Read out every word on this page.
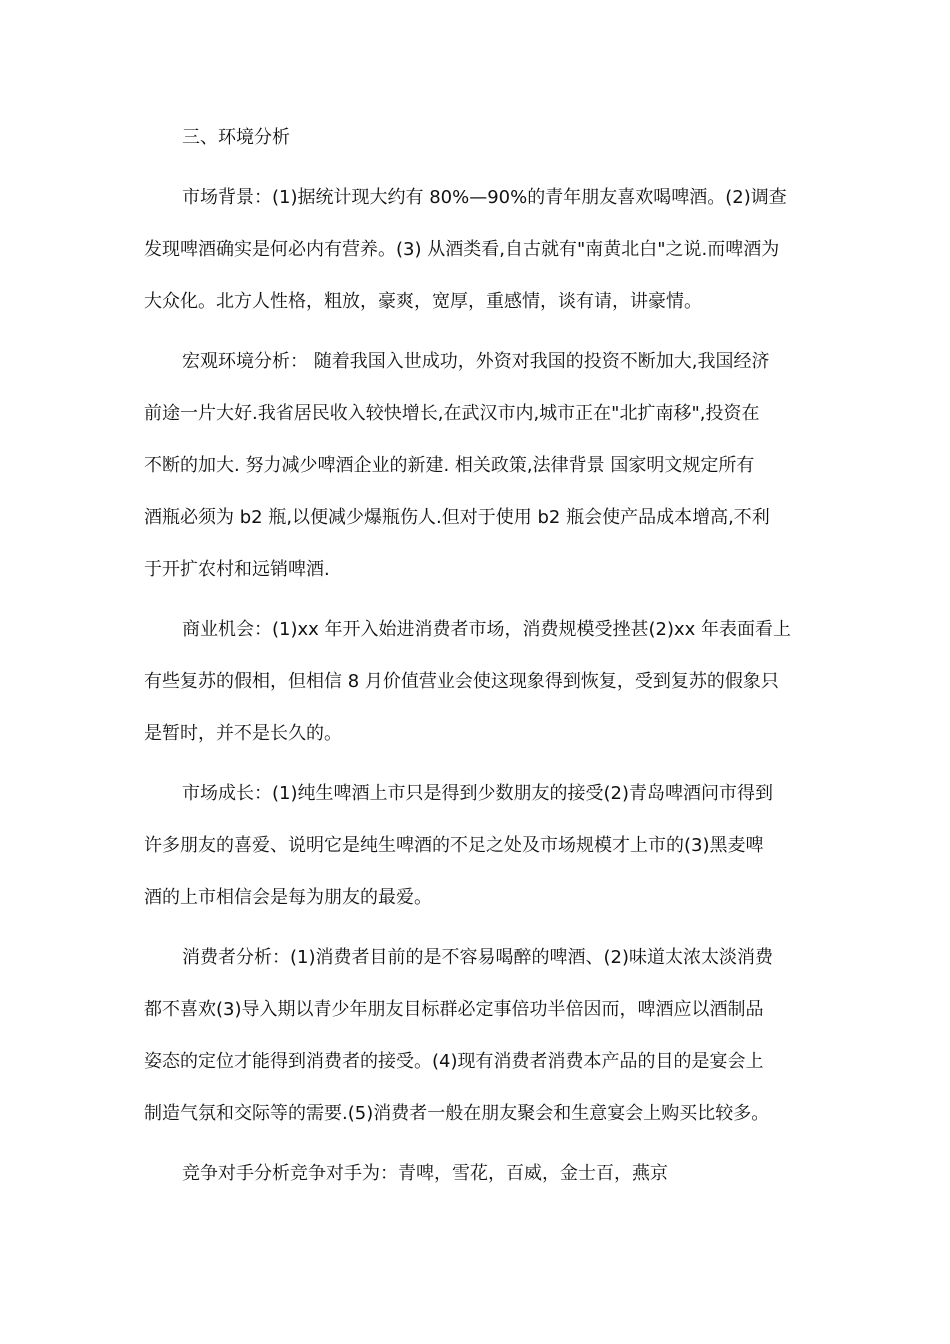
三、环境分析
市场背景：(1)据统计现大约有 80%—90%的青年朋友喜欢喝啤酒。(2)调查
发现啤酒确实是何必内有营养。(3) 从酒类看,自古就有"南黄北白"之说.而啤酒为
大众化。北方人性格，粗放，豪爽，宽厚，重感情，谈有请，讲豪情。
宏观环境分析： 随着我国入世成功，外资对我国的投资不断加大,我国经济
前途一片大好.我省居民收入较快增长,在武汉市内,城市正在"北扩南移",投资在
不断的加大. 努力减少啤酒企业的新建. 相关政策,法律背景 国家明文规定所有
酒瓶必须为 b2 瓶,以便减少爆瓶伤人.但对于使用 b2 瓶会使产品成本增高,不利
于开扩农村和远销啤酒.
商业机会：(1)xx 年开入始进消费者市场，消费规模受挫甚(2)xx 年表面看上
有些复苏的假相，但相信 8 月价值营业会使这现象得到恢复，受到复苏的假象只
是暂时，并不是长久的。
市场成长：(1)纯生啤酒上市只是得到少数朋友的接受(2)青岛啤酒问市得到
许多朋友的喜爱、说明它是纯生啤酒的不足之处及市场规模才上市的(3)黑麦啤
酒的上市相信会是每为朋友的最爱。
消费者分析：(1)消费者目前的是不容易喝醉的啤酒、(2)味道太浓太淡消费
都不喜欢(3)导入期以青少年朋友目标群必定事倍功半倍因而，啤酒应以酒制品
姿态的定位才能得到消费者的接受。(4)现有消费者消费本产品的目的是宴会上
制造气氛和交际等的需要.(5)消费者一般在朋友聚会和生意宴会上购买比较多。
竞争对手分析竞争对手为：青啤，雪花，百威，金士百，燕京
